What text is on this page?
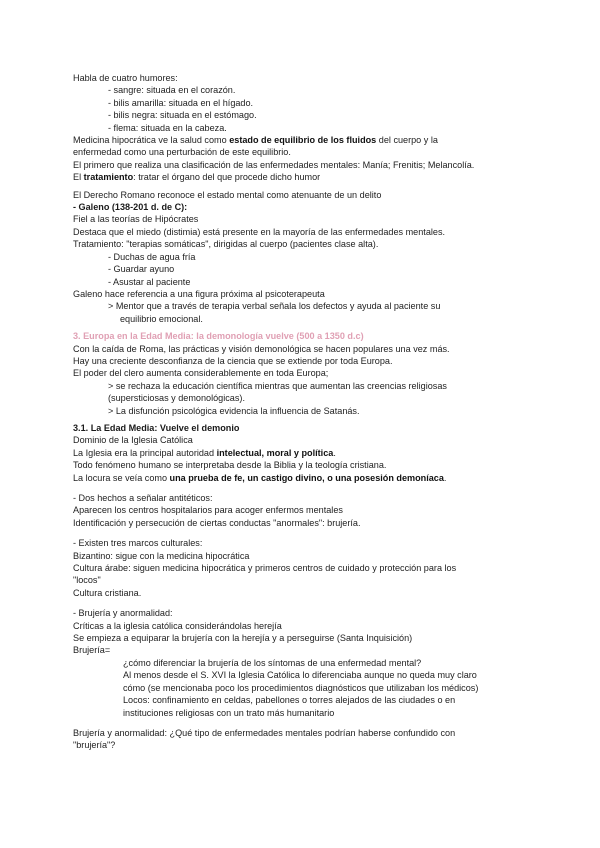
Habla de cuatro humores:
- sangre: situada en el corazón.
- bilis amarilla: situada en el hígado.
- bilis negra: situada en el estómago.
- flema: situada en la cabeza.
Medicina hipocrática ve la salud como estado de equilibrio de los fluidos del cuerpo y la
enfermedad como una perturbación de este equilibrio.
El primero que realiza una clasificación de las enfermedades mentales: Manía; Frenitis; Melancolía.
El tratamiento: tratar el órgano del que procede dicho humor
El Derecho Romano reconoce el estado mental como atenuante de un delito
- Galeno (138-201 d. de C):
Fiel a las teorías de Hipócrates
Destaca que el miedo (distimia) está presente en la mayoría de las enfermedades mentales.
Tratamiento: "terapias somáticas", dirigidas al cuerpo (pacientes clase alta).
- Duchas de agua fría
- Guardar ayuno
- Asustar al paciente
Galeno hace referencia a una figura próxima al psicoterapeuta
> Mentor que a través de terapia verbal señala los defectos y ayuda al paciente su
equilibrio emocional.
3. Europa en la Edad Media: la demonología vuelve (500 a 1350 d.c)
Con la caída de Roma, las prácticas y visión demonológica se hacen populares una vez más.
Hay una creciente desconfianza de la ciencia que se extiende por toda Europa.
El poder del clero aumenta considerablemente en toda Europa;
> se rechaza la educación científica mientras que aumentan las creencias religiosas
(supersticiosas y demonológicas).
> La disfunción psicológica evidencia la influencia de Satanás.
3.1. La Edad Media: Vuelve el demonio
Dominio de la Iglesia Católica
La Iglesia era la principal autoridad intelectual, moral y política.
Todo fenómeno humano se interpretaba desde la Biblia y la teología cristiana.
La locura se veía como una prueba de fe, un castigo divino, o una posesión demoníaca.
- Dos hechos a señalar antitéticos:
Aparecen los centros hospitalarios para acoger enfermos mentales
Identificación y persecución de ciertas conductas "anormales": brujería.
- Existen tres marcos culturales:
Bizantino: sigue con la medicina hipocrática
Cultura árabe: siguen medicina hipocrática y primeros centros de cuidado y protección para los
"locos"
Cultura cristiana.
- Brujería y anormalidad:
Críticas a la iglesia católica considerándolas herejía
Se empieza a equiparar la brujería con la herejía y a perseguirse (Santa Inquisición)
Brujería=
¿cómo diferenciar la brujería de los síntomas de una enfermedad mental?
Al menos desde el S. XVI la Iglesia Católica lo diferenciaba aunque no queda muy claro
cómo (se mencionaba poco los procedimientos diagnósticos que utilizaban los médicos)
Locos: confinamiento en celdas, pabellones o torres alejados de las ciudades o en
instituciones religiosas con un trato más humanitario
Brujería y anormalidad: ¿Qué tipo de enfermedades mentales podrían haberse confundido con
"brujería"?
